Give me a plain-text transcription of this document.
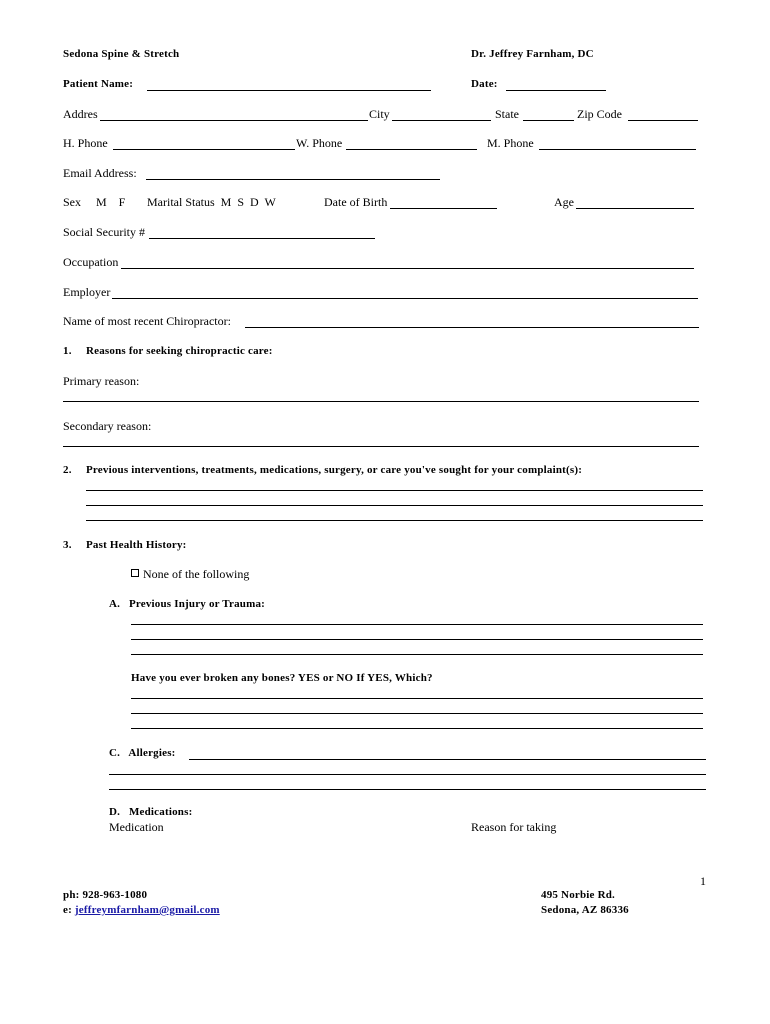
Sedona Spine & Stretch	Dr. Jeffrey Farnham, DC
Patient Name:	Date:
Addres	City	State	Zip Code
H. Phone	W. Phone	M. Phone
Email Address:
Sex M    F Marital Status  M  S  D  W	Date of Birth	Age
Social Security #
Occupation
Employer
Name of most recent Chiropractor:
1. Reasons for seeking chiropractic care:
Primary reason:
Secondary reason:
2. Previous interventions, treatments, medications, surgery, or care you've sought for your complaint(s):
3. Past Health History:
None of the following
A.   Previous Injury or Trauma:
Have you ever broken any bones? YES or NO If YES, Which?
C.   Allergies:
D.   Medications:
Medication	Reason for taking
1
ph: 928-963-1080
e: jeffreymfarnham@gmail.com
495 Norbie Rd.
Sedona, AZ 86336
